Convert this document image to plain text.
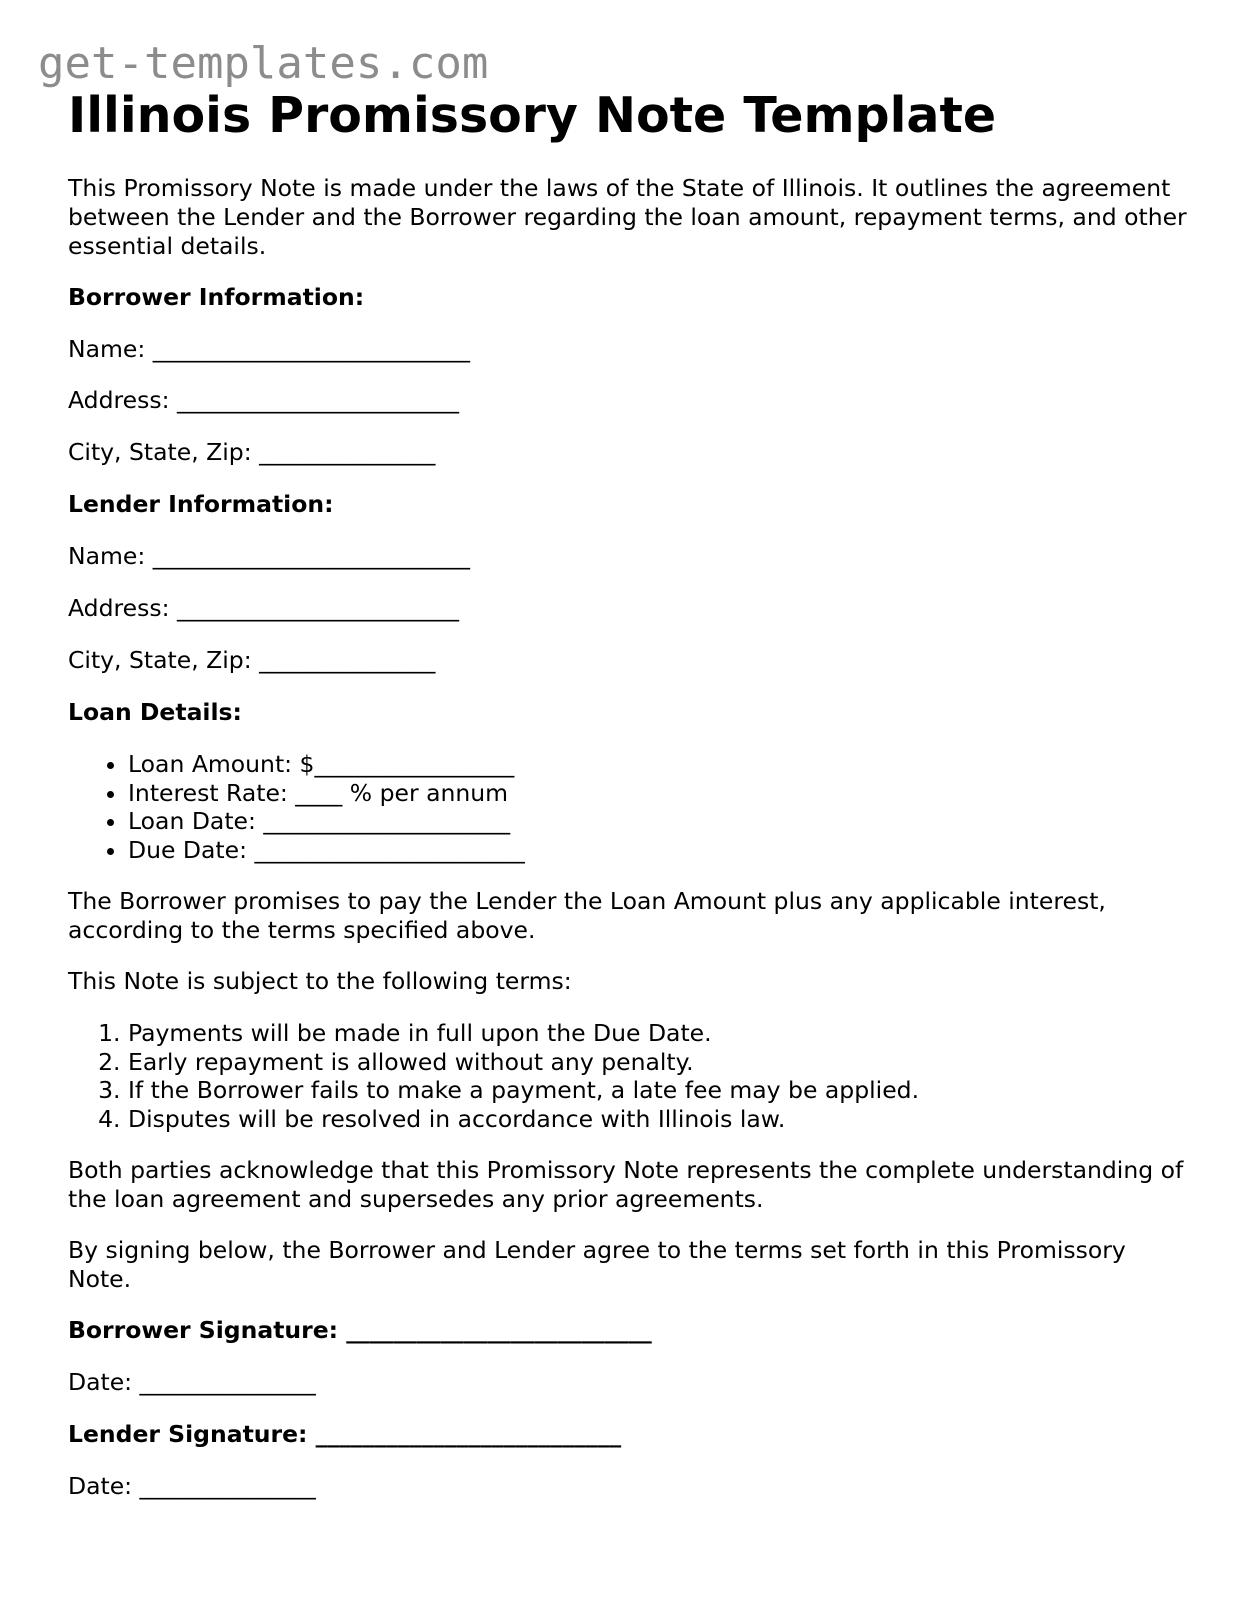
get-templates.com
Illinois Promissory Note Template

This Promissory Note is made under the laws of the State of Illinois. It outlines the agreement between the Lender and the Borrower regarding the loan amount, repayment terms, and other essential details.

Borrower Information:

Name: ___________________________

Address: ________________________

City, State, Zip: _______________

Lender Information:

Name: ___________________________

Address: ________________________

City, State, Zip: _______________

Loan Details:

• Loan Amount: $_________________
• Interest Rate: ____ % per annum
• Loan Date: _____________________
• Due Date: _______________________

The Borrower promises to pay the Lender the Loan Amount plus any applicable interest, according to the terms specified above.

This Note is subject to the following terms:

1. Payments will be made in full upon the Due Date.
2. Early repayment is allowed without any penalty.
3. If the Borrower fails to make a payment, a late fee may be applied.
4. Disputes will be resolved in accordance with Illinois law.

Both parties acknowledge that this Promissory Note represents the complete understanding of the loan agreement and supersedes any prior agreements.

By signing below, the Borrower and Lender agree to the terms set forth in this Promissory Note.

Borrower Signature: __________________________

Date: _______________

Lender Signature: __________________________

Date: _______________
